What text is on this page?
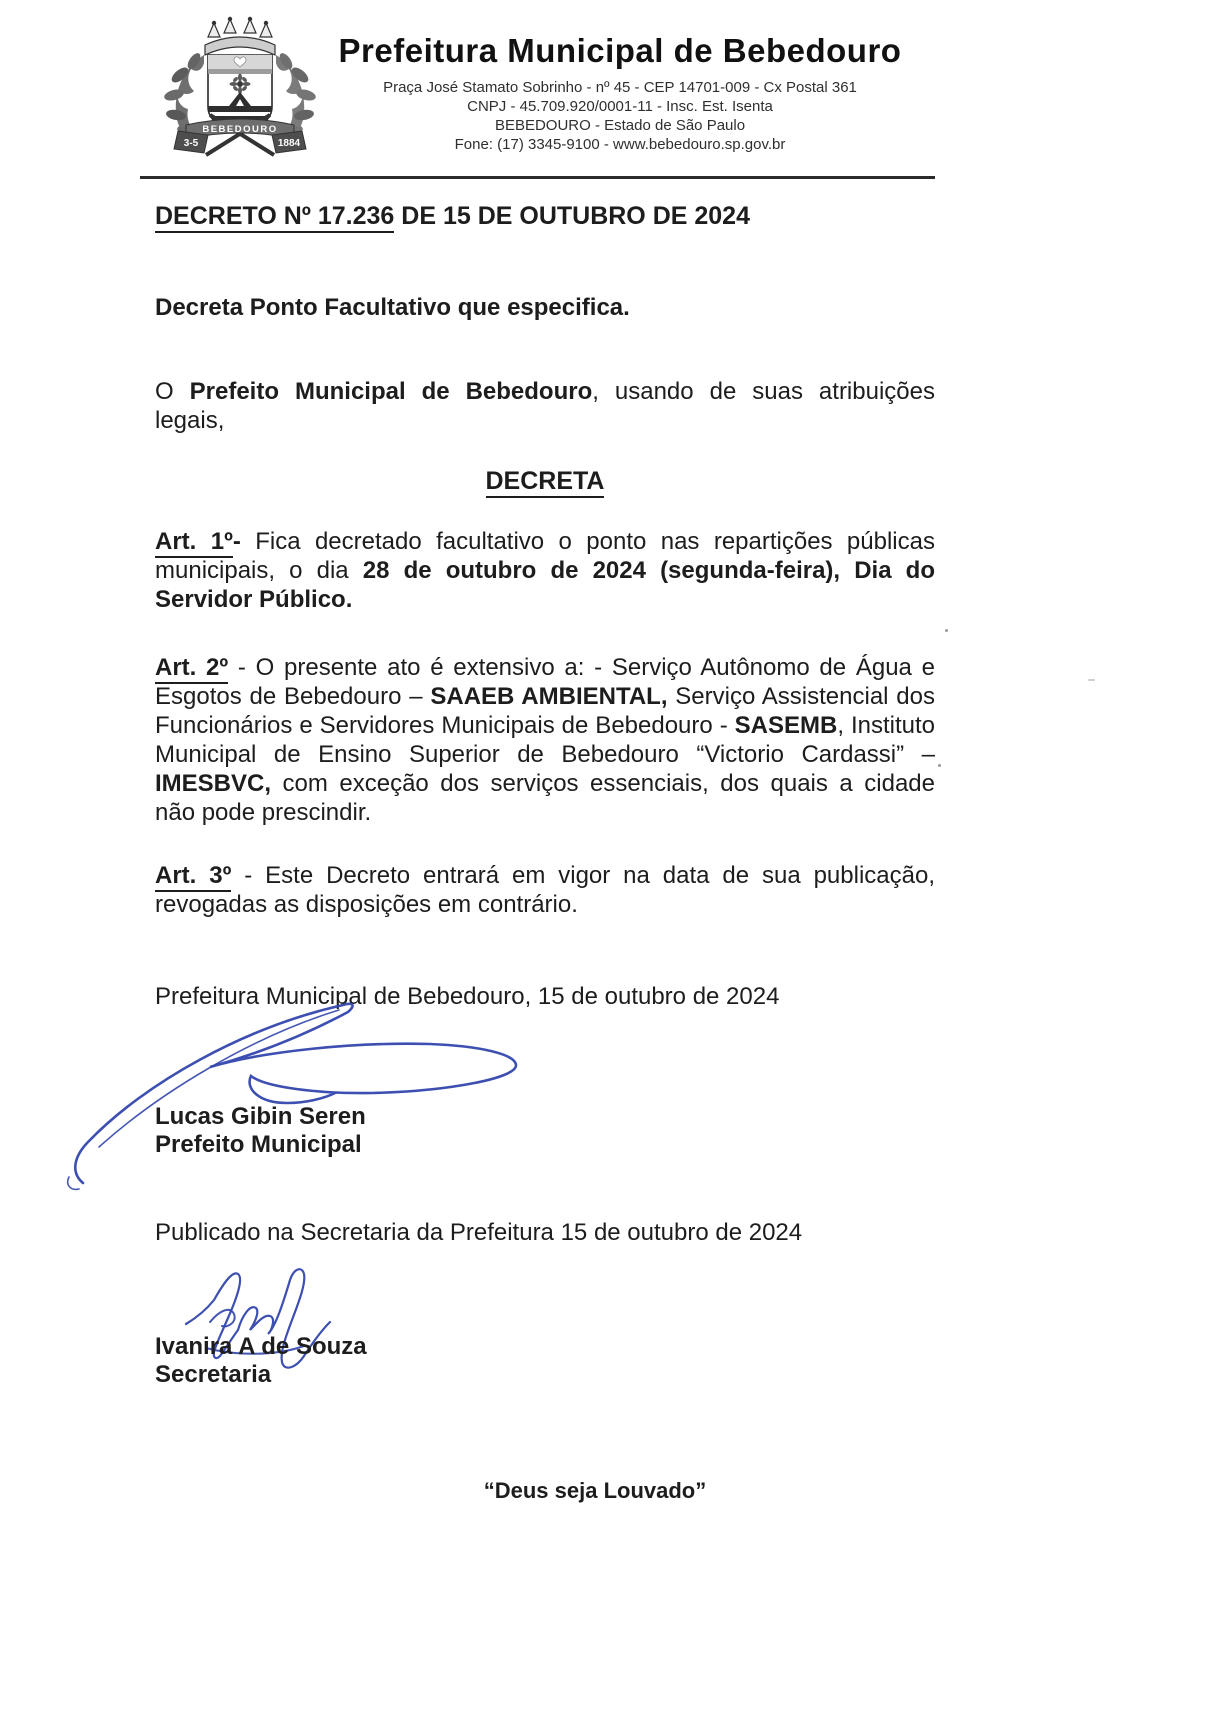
BEBEDOURO
3-5	1884
Prefeitura Municipal de Bebedouro
Praça José Stamato Sobrinho - nº 45 - CEP 14701-009 - Cx Postal 361
CNPJ - 45.709.920/0001-11 - Insc. Est. Isenta
BEBEDOURO - Estado de São Paulo
Fone: (17) 3345-9100 - www.bebedouro.sp.gov.br
DECRETO Nº 17.236 DE 15 DE OUTUBRO DE 2024
Decreta Ponto Facultativo que especifica.
O Prefeito Municipal de Bebedouro, usando de suas atribuições legais,
DECRETA
Art. 1º- Fica decretado facultativo o ponto nas repartições públicas municipais, o dia 28 de outubro de 2024 (segunda-feira), Dia do Servidor Público.
Art. 2º - O presente ato é extensivo a: - Serviço Autônomo de Água e Esgotos de Bebedouro – SAAEB AMBIENTAL, Serviço Assistencial dos Funcionários e Servidores Municipais de Bebedouro - SASEMB, Instituto Municipal de Ensino Superior de Bebedouro “Victorio Cardassi” – IMESBVC, com exceção dos serviços essenciais, dos quais a cidade não pode prescindir.
Art. 3º - Este Decreto entrará em vigor na data de sua publicação, revogadas as disposições em contrário.
Prefeitura Municipal de Bebedouro, 15 de outubro de 2024
Lucas Gibin Seren
Prefeito Municipal
Publicado na Secretaria da Prefeitura 15 de outubro de 2024
Ivanira A de Souza
Secretaria
“Deus seja Louvado”
